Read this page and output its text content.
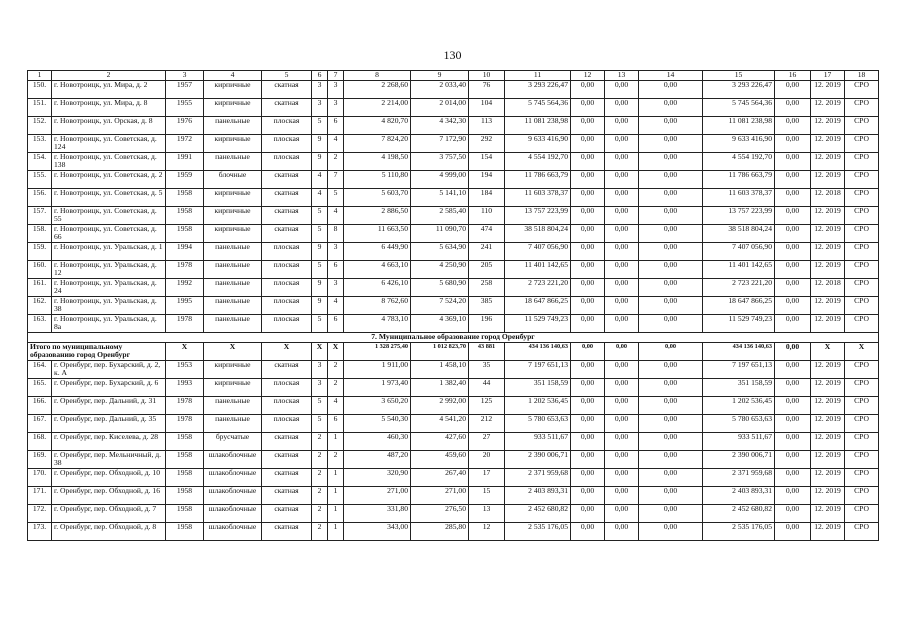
130
1	2	3	4	5	6	7	8	9	10	11	12	13	14	15	16	17	18
150.	г. Новотроицк, ул. Мира, д. 2	1957	кирпичные	скатная	3	3	2 268,60	2 033,40	76	3 293 226,47	0,00	0,00	0,00	3 293 226,47	0,00	12. 2019	СРО
151.	г. Новотроицк, ул. Мира, д. 8	1955	кирпичные	скатная	3	3	2 214,00	2 014,00	104	5 745 564,36	0,00	0,00	0,00	5 745 564,36	0,00	12. 2019	СРО
152.	г. Новотроицк, ул. Орская, д. 8	1976	панельные	плоская	5	6	4 820,70	4 342,30	113	11 081 238,98	0,00	0,00	0,00	11 081 238,98	0,00	12. 2019	СРО
153.	г. Новотроицк, ул. Советская, д. 124	1972	кирпичные	плоская	9	4	7 824,20	7 172,90	292	9 633 416,90	0,00	0,00	0,00	9 633 416,90	0,00	12. 2019	СРО
154.	г. Новотроицк, ул. Советская, д. 138	1991	панельные	плоская	9	2	4 198,50	3 757,50	154	4 554 192,70	0,00	0,00	0,00	4 554 192,70	0,00	12. 2019	СРО
155.	г. Новотроицк, ул. Советская, д. 2	1959	блочные	скатная	4	7	5 110,80	4 999,00	194	11 786 663,79	0,00	0,00	0,00	11 786 663,79	0,00	12. 2019	СРО
156.	г. Новотроицк, ул. Советская, д. 5	1958	кирпичные	скатная	4	5	5 603,70	5 141,10	184	11 603 378,37	0,00	0,00	0,00	11 603 378,37	0,00	12. 2018	СРО
157.	г. Новотроицк, ул. Советская, д. 55	1958	кирпичные	скатная	5	4	2 886,50	2 585,40	110	13 757 223,99	0,00	0,00	0,00	13 757 223,99	0,00	12. 2019	СРО
158.	г. Новотроицк, ул. Советская, д. 66	1958	кирпичные	скатная	5	8	11 663,50	11 090,70	474	38 518 804,24	0,00	0,00	0,00	38 518 804,24	0,00	12. 2019	СРО
159.	г. Новотроицк, ул. Уральская, д. 1	1994	панельные	плоская	9	3	6 449,90	5 634,90	241	7 407 056,90	0,00	0,00	0,00	7 407 056,90	0,00	12. 2019	СРО
160.	г. Новотроицк, ул. Уральская, д. 12	1978	панельные	плоская	5	6	4 663,10	4 250,90	205	11 401 142,65	0,00	0,00	0,00	11 401 142,65	0,00	12. 2019	СРО
161.	г. Новотроицк, ул. Уральская, д. 24	1992	панельные	плоская	9	3	6 426,10	5 680,90	258	2 723 221,20	0,00	0,00	0,00	2 723 221,20	0,00	12. 2018	СРО
162.	г. Новотроицк, ул. Уральская, д. 38	1995	панельные	плоская	9	4	8 762,60	7 524,20	385	18 647 866,25	0,00	0,00	0,00	18 647 866,25	0,00	12. 2019	СРО
163.	г. Новотроицк, ул. Уральская, д. 8а	1978	панельные	плоская	5	6	4 783,10	4 369,10	196	11 529 749,23	0,00	0,00	0,00	11 529 749,23	0,00	12. 2019	СРО
7. Муниципальное образование город Оренбург																	
Итого по муниципальному образованию город Оренбург		X	X	X	X	X	1 328 275,40	1 012 823,70	43 881	434 136 140,63	0,00	0,00	0,00	434 136 140,63	0,00	X	X
164.	г. Оренбург, пер. Бухарский, д. 2, к. А	1953	кирпичные	скатная	3	2	1 911,00	1 458,10	35	7 197 651,13	0,00	0,00	0,00	7 197 651,13	0,00	12. 2019	СРО
165.	г. Оренбург, пер. Бухарский, д. 6	1993	кирпичные	плоская	3	2	1 973,40	1 382,40	44	351 158,59	0,00	0,00	0,00	351 158,59	0,00	12. 2019	СРО
166.	г. Оренбург, пер. Дальний, д. 31	1978	панельные	плоская	5	4	3 650,20	2 992,00	125	1 202 536,45	0,00	0,00	0,00	1 202 536,45	0,00	12. 2019	СРО
167.	г. Оренбург, пер. Дальний, д. 35	1978	панельные	плоская	5	6	5 540,30	4 541,20	212	5 780 653,63	0,00	0,00	0,00	5 780 653,63	0,00	12. 2019	СРО
168.	г. Оренбург, пер. Киселева, д. 28	1958	брусчатые	скатная	2	1	460,30	427,60	27	933 511,67	0,00	0,00	0,00	933 511,67	0,00	12. 2019	СРО
169.	г. Оренбург, пер. Мельничный, д. 38	1958	шлакоблочные	скатная	2	2	487,20	459,60	20	2 390 006,71	0,00	0,00	0,00	2 390 006,71	0,00	12. 2019	СРО
170.	г. Оренбург, пер. Обходной, д. 10	1958	шлакоблочные	скатная	2	1	320,90	267,40	17	2 371 959,68	0,00	0,00	0,00	2 371 959,68	0,00	12. 2019	СРО
171.	г. Оренбург, пер. Обходной, д. 16	1958	шлакоблочные	скатная	2	1	271,00	271,00	15	2 403 893,31	0,00	0,00	0,00	2 403 893,31	0,00	12. 2019	СРО
172.	г. Оренбург, пер. Обходной, д. 7	1958	шлакоблочные	скатная	2	1	331,80	276,50	13	2 452 680,82	0,00	0,00	0,00	2 452 680,82	0,00	12. 2019	СРО
173.	г. Оренбург, пер. Обходной, д. 8	1958	шлакоблочные	скатная	2	1	343,00	285,80	12	2 535 176,05	0,00	0,00	0,00	2 535 176,05	0,00	12. 2019	СРО
